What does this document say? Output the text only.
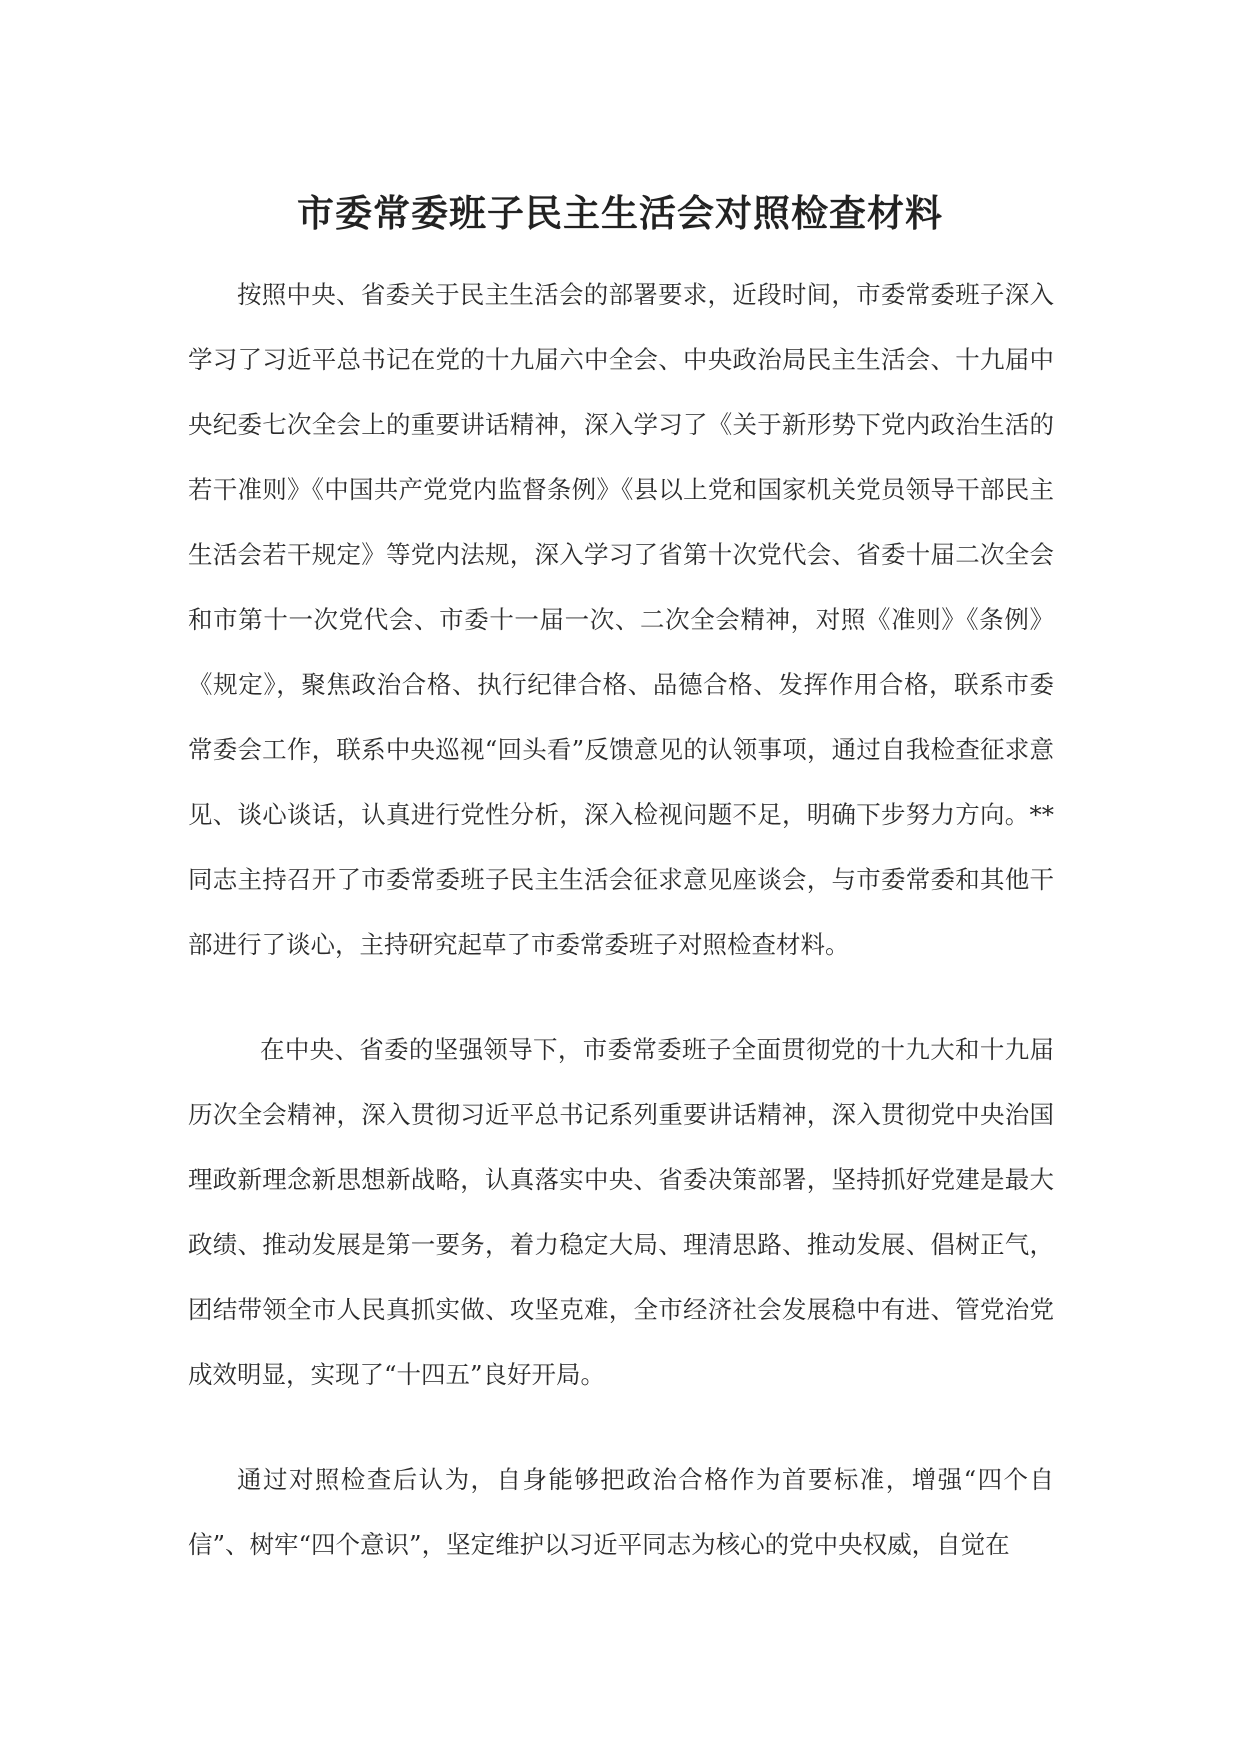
市委常委班子民主生活会对照检查材料

按照中央、省委关于民主生活会的部署要求，近段时间，市委常委班子深入学习了习近平总书记在党的十九届六中全会、中央政治局民主生活会、十九届中央纪委七次全会上的重要讲话精神，深入学习了《关于新形势下党内政治生活的若干准则》《中国共产党党内监督条例》《县以上党和国家机关党员领导干部民主生活会若干规定》等党内法规，深入学习了省第十次党代会、省委十届二次全会和市第十一次党代会、市委十一届一次、二次全会精神，对照《准则》《条例》《规定》，聚焦政治合格、执行纪律合格、品德合格、发挥作用合格，联系市委常委会工作，联系中央巡视“回头看”反馈意见的认领事项，通过自我检查征求意见、谈心谈话，认真进行党性分析，深入检视问题不足，明确下步努力方向。**同志主持召开了市委常委班子民主生活会征求意见座谈会，与市委常委和其他干部进行了谈心，主持研究起草了市委常委班子对照检查材料。

在中央、省委的坚强领导下，市委常委班子全面贯彻党的十九大和十九届历次全会精神，深入贯彻习近平总书记系列重要讲话精神，深入贯彻党中央治国理政新理念新思想新战略，认真落实中央、省委决策部署，坚持抓好党建是最大政绩、推动发展是第一要务，着力稳定大局、理清思路、推动发展、倡树正气，团结带领全市人民真抓实做、攻坚克难，全市经济社会发展稳中有进、管党治党成效明显，实现了“十四五”良好开局。

通过对照检查后认为，自身能够把政治合格作为首要标准，增强“四个自信”、树牢“四个意识”，坚定维护以习近平同志为核心的党中央权威，自觉在
